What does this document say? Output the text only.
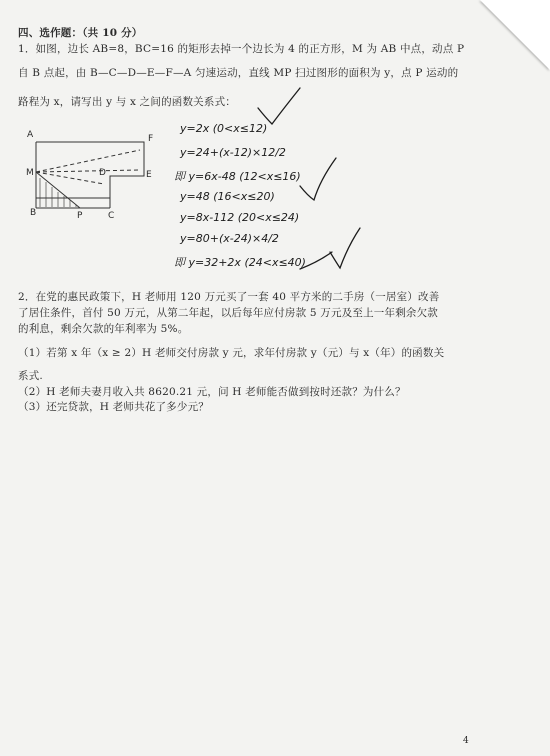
四、选作题：（共 10 分）
1．如图，边长 AB=8，BC=16 的矩形去掉一个边长为 4 的正方形，M 为 AB 中点，动点 P
自 B 点起，由 B—C—D—E—F—A 匀速运动，直线 MP 扫过图形的面积为 y，点 P 运动的
路程为 x，请写出 y 与 x 之间的函数关系式：
A	F
M	D	E
B	P	C
y=2x (0<x≤12)
y=24+(x-12)×12/2
即 y=6x-48 (12<x≤16)
y=48 (16<x≤20)
y=8x-112 (20<x≤24)
y=80+(x-24)×4/2
即 y=32+2x (24<x≤40)
2．在党的惠民政策下，H 老师用 120 万元买了一套 40 平方米的二手房（一居室）改善
了居住条件，首付 50 万元，从第二年起，以后每年应付房款 5 万元及至上一年剩余欠款
的利息，剩余欠款的年利率为 5%。
（1）若第 x 年（x ≥ 2）H 老师交付房款 y 元，求年付房款 y（元）与 x（年）的函数关
系式.
（2）H 老师夫妻月收入共 8620.21 元，问 H 老师能否做到按时还款？为什么？
（3）还完贷款，H 老师共花了多少元？
4
